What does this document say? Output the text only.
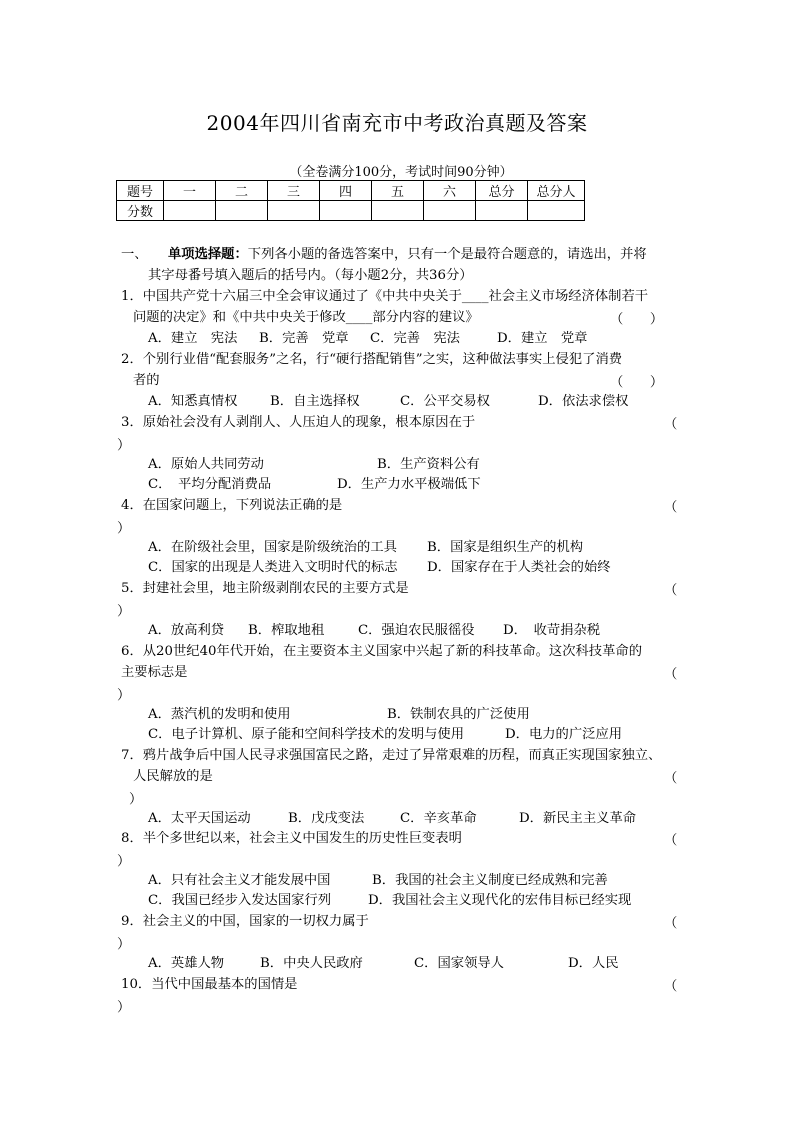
2004年四川省南充市中考政治真题及答案
（全卷满分100分，考试时间90分钟）
题号	一	二	三	四	五	六	总分	总分人
分数								
一、 单项选择题：下列各小题的备选答案中，只有一个是最符合题意的，请选出，并将
其字母番号填入题后的括号内。（每小题2分，共36分）
1．中国共产党十六届三中全会审议通过了《中共中央关于____社会主义市场经济体制若干
问题的决定》和《中共中央关于修改____部分内容的建议》	（　　）
A．建立　宪法 B．完善　党章 C．完善　宪法	D．建立　党章
2．个别行业借“配套服务”之名，行“硬行搭配销售”之实，这种做法事实上侵犯了消费
者的	（　　）
A．知悉真情权 B．自主选择权	C．公平交易权	D．依法求偿权
3．原始社会没有人剥削人、人压迫人的现象，根本原因在于	（
）
A．原始人共同劳动	B．生产资料公有
C．　平均分配消费品	D．生产力水平极端低下
4．在国家问题上，下列说法正确的是	（
）
A．在阶级社会里，国家是阶级统治的工具 B．国家是组织生产的机构
C．国家的出现是人类进入文明时代的标志 D．国家存在于人类社会的始终
5．封建社会里，地主阶级剥削农民的主要方式是	（
）
A．放高利贷 B．榨取地租	C．强迫农民服徭役 D．　收苛捐杂税
6．从20世纪40年代开始，在主要资本主义国家中兴起了新的科技革命。这次科技革命的
主要标志是	（
）
A．蒸汽机的发明和使用	B．铁制农具的广泛使用
C．电子计算机、原子能和空间科学技术的发明与使用	D．电力的广泛应用
7．鸦片战争后中国人民寻求强国富民之路，走过了异常艰难的历程，而真正实现国家独立、
人民解放的是	（
）
A．太平天国运动	B．戊戌变法	C．辛亥革命	D．新民主主义革命
8．半个多世纪以来，社会主义中国发生的历史性巨变表明	（
）
A．只有社会主义才能发展中国	B．我国的社会主义制度已经成熟和完善
C．我国已经步入发达国家行列	D．我国社会主义现代化的宏伟目标已经实现
9．社会主义的中国，国家的一切权力属于	（
）
A．英雄人物	B．中央人民政府	C．国家领导人	D．人民
10．当代中国最基本的国情是	（
）
